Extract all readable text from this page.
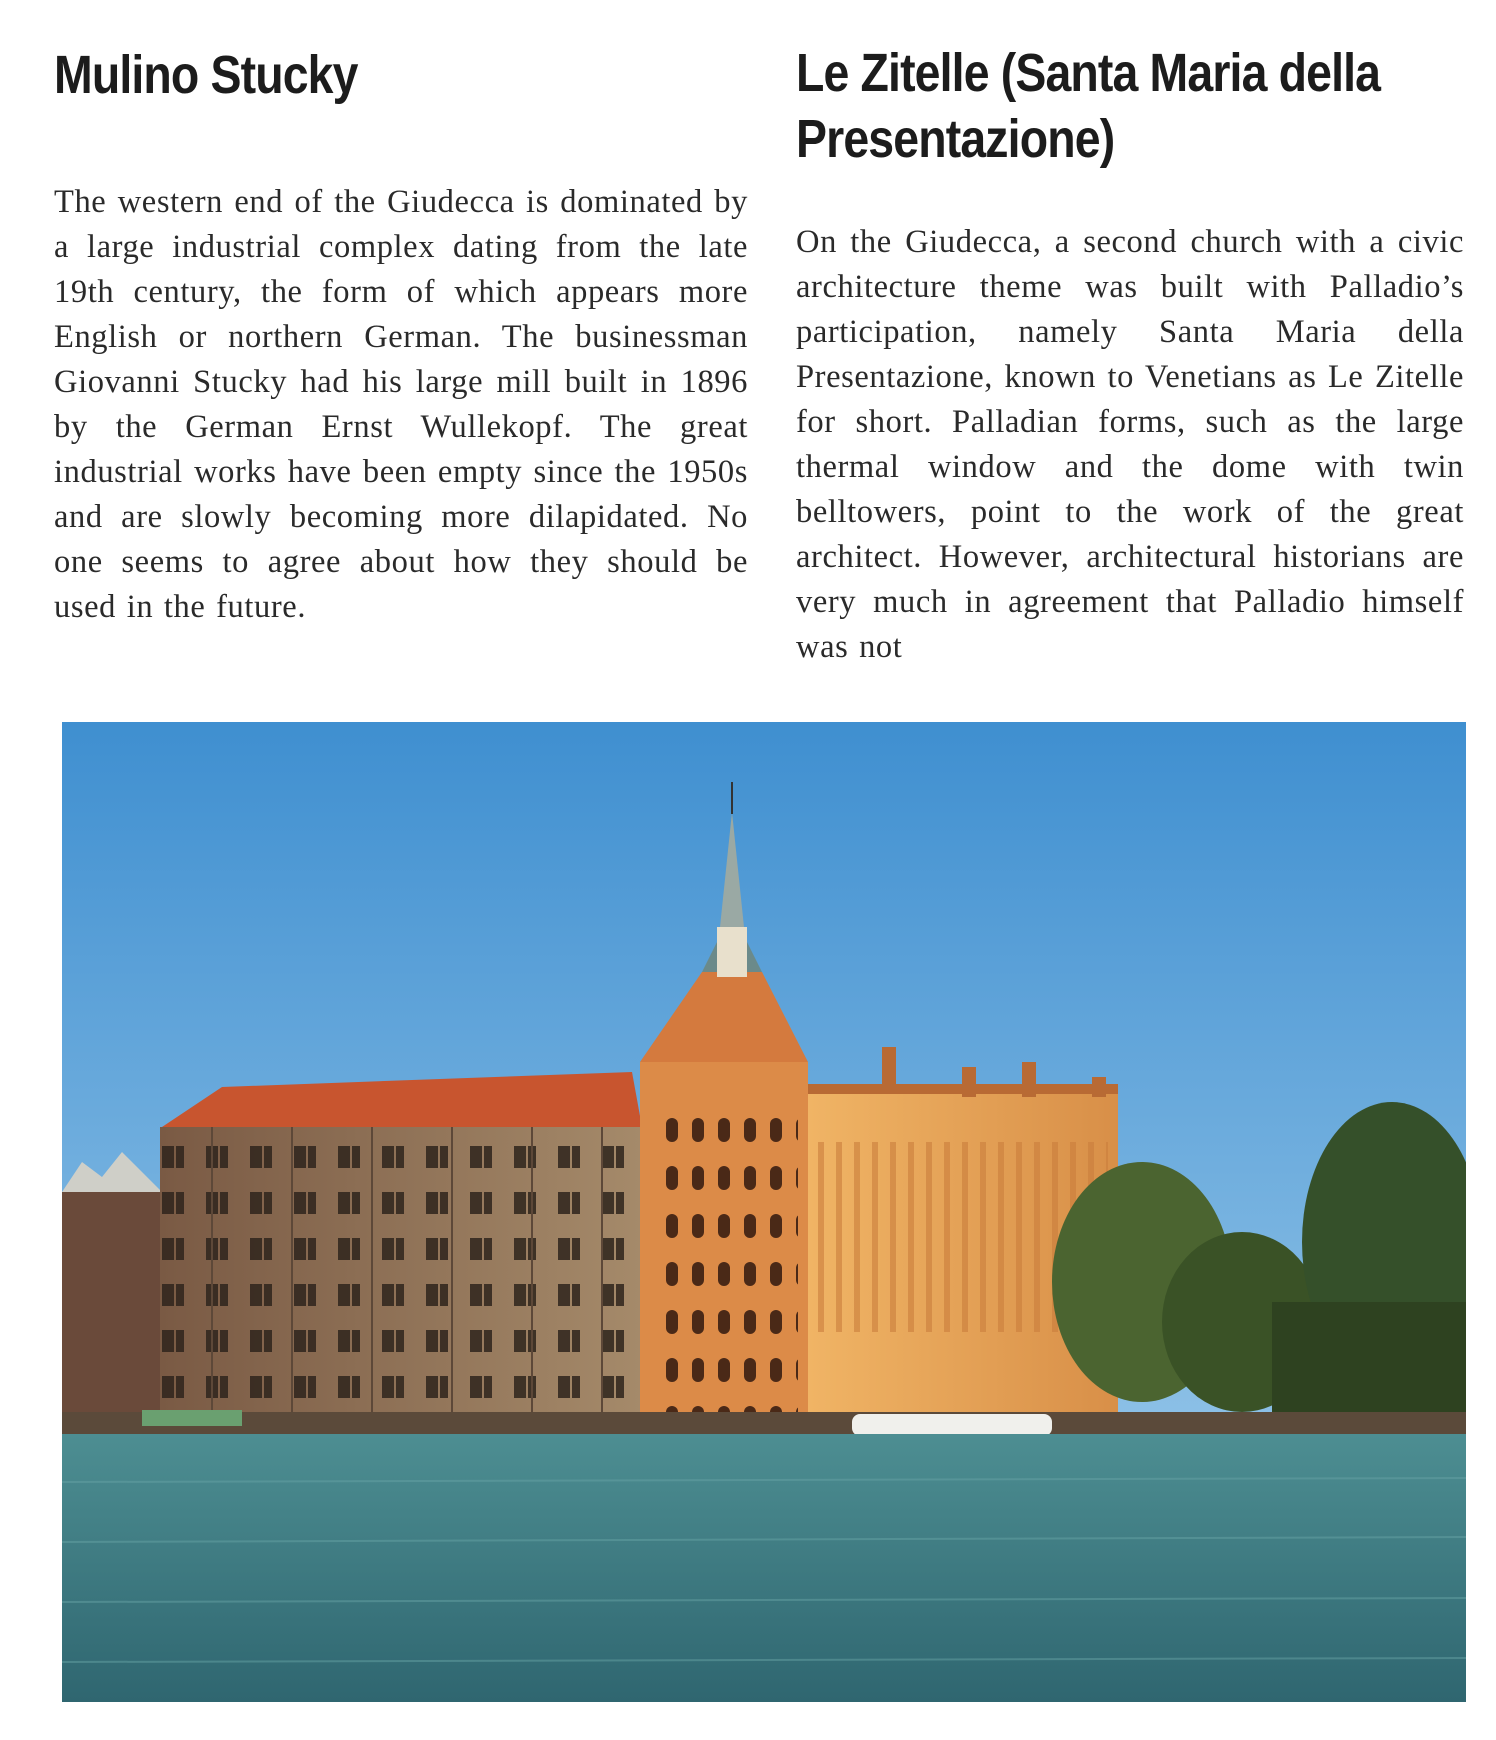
Mulino Stucky

The western end of the Giudecca is dominated by a large industrial complex dating from the late 19th century, the form of which appears more English or northern German. The businessman Giovanni Stucky had his large mill built in 1896 by the German Ernst Wullekopf. The great industrial works have been empty since the 1950s and are slowly becoming more dilapidated. No one seems to agree about how they should be used in the future.

Le Zitelle (Santa Maria della Presentazione)

On the Giudecca, a second church with a civic architecture theme was built with Palladio’s participation, namely Santa Maria della Presentazione, known to Venetians as Le Zitelle for short. Palladian forms, such as the large thermal window and the dome with twin belltowers, point to the work of the great architect. However, architectural historians are very much in agreement that Palladio himself was not
